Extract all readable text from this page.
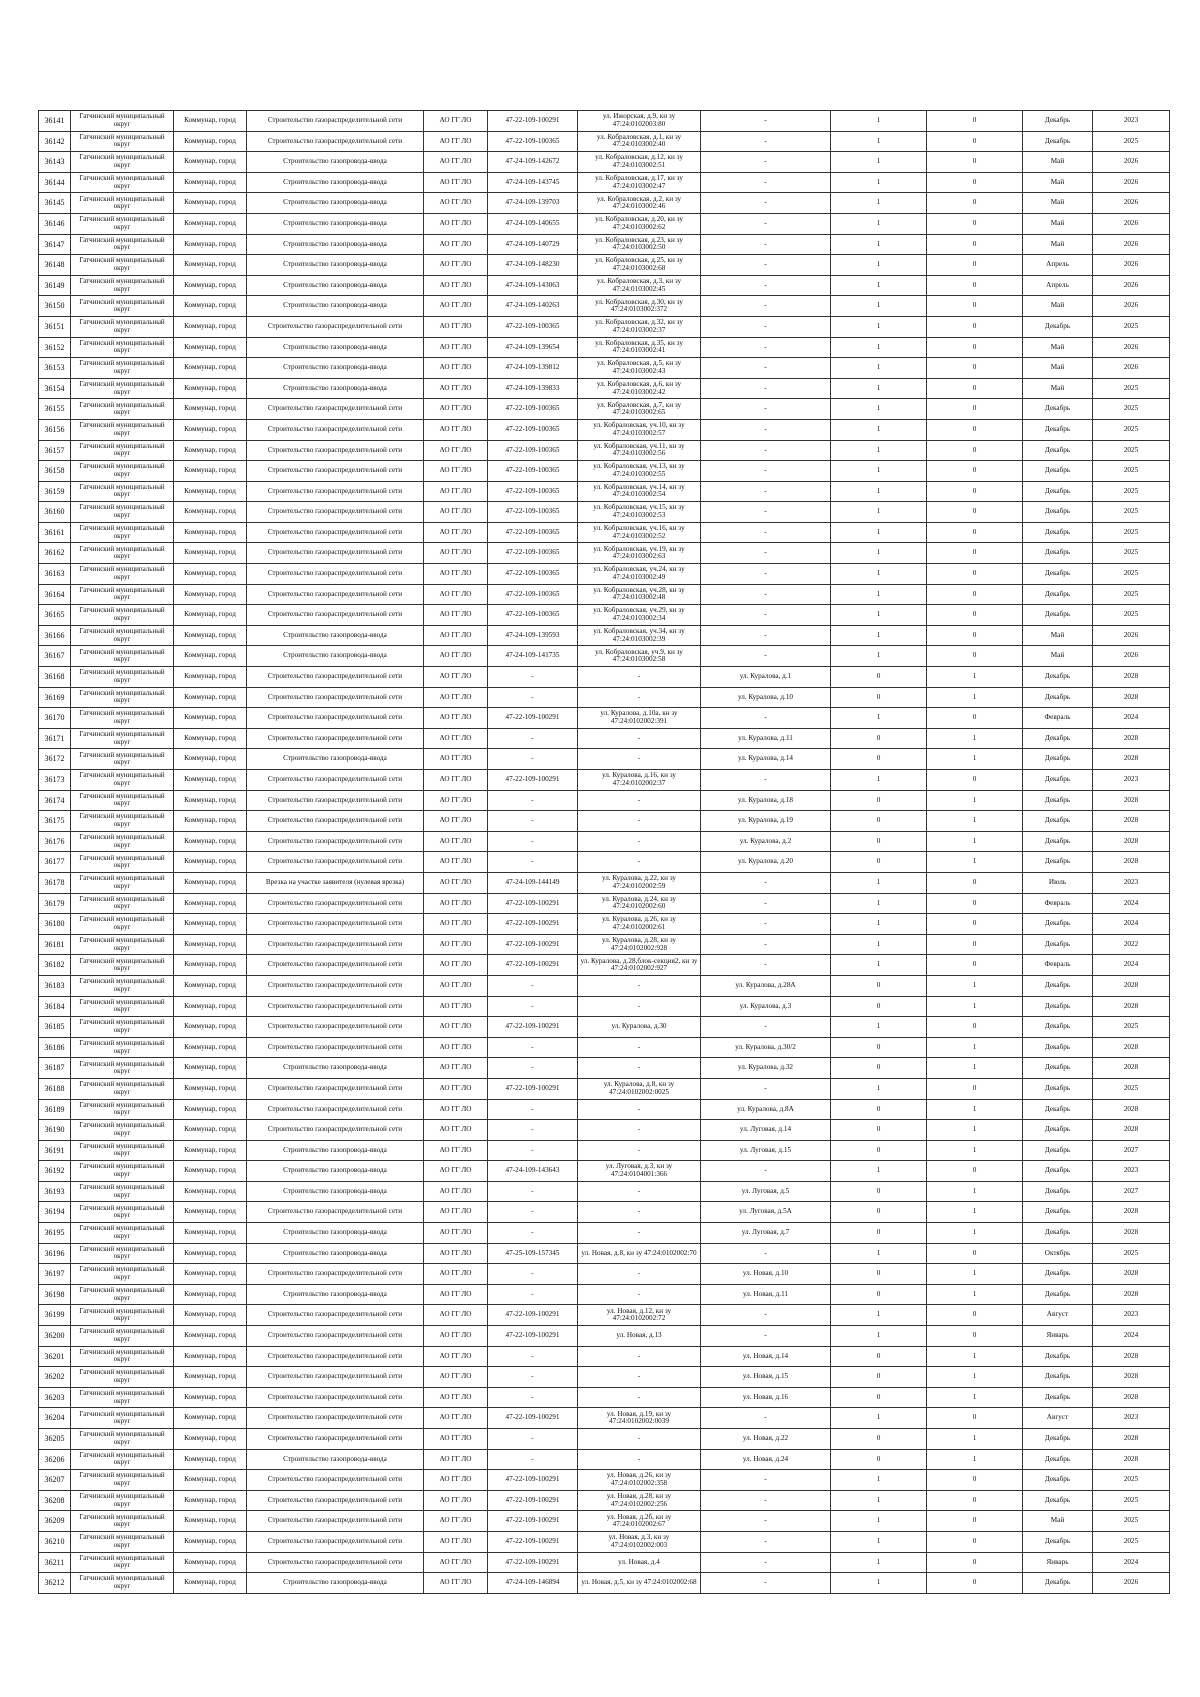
36141	Гатчинский муниципальный округ	Коммунар, город	Строительство газораспределительной сети	АО ГГ ЛО	47-22-109-100291	ул. Ижорская, д.9, кн зу 47:24:0102003:80	-	1	0	Декабрь	2023
36142	Гатчинский муниципальный округ	Коммунар, город	Строительство газораспределительной сети	АО ГГ ЛО	47-22-109-100365	ул. Кобраловская, д.1, кн зу 47:24:0103002:40	-	1	0	Декабрь	2025
36143	Гатчинский муниципальный округ	Коммунар, город	Строительство газопровода-ввода	АО ГГ ЛО	47-24-109-142672	ул. Кобраловская, д.12, кн зу 47:24:0103002:51	-	1	0	Май	2026
36144	Гатчинский муниципальный округ	Коммунар, город	Строительство газопровода-ввода	АО ГГ ЛО	47-24-109-143745	ул. Кобраловская, д.17, кн зу 47:24:0103002:47	-	1	0	Май	2026
36145	Гатчинский муниципальный округ	Коммунар, город	Строительство газопровода-ввода	АО ГГ ЛО	47-24-109-139703	ул. Кобраловская, д.2, кн зу 47:24:0103002:46	-	1	0	Май	2026
36146	Гатчинский муниципальный округ	Коммунар, город	Строительство газопровода-ввода	АО ГГ ЛО	47-24-109-140655	ул. Кобраловская, д.20, кн зу 47:24:0103002:62	-	1	0	Май	2026
36147	Гатчинский муниципальный округ	Коммунар, город	Строительство газопровода-ввода	АО ГГ ЛО	47-24-109-140729	ул. Кобраловская, д.23, кн зу 47:24:0103002:50	-	1	0	Май	2026
36148	Гатчинский муниципальный округ	Коммунар, город	Строительство газопровода-ввода	АО ГГ ЛО	47-24-109-148230	ул. Кобраловская, д.25, кн зу 47:24:0103002:68	-	1	0	Апрель	2026
36149	Гатчинский муниципальный округ	Коммунар, город	Строительство газопровода-ввода	АО ГГ ЛО	47-24-109-143063	ул. Кобраловская, д.3, кн зу 47:24:0103002:45	-	1	0	Апрель	2026
36150	Гатчинский муниципальный округ	Коммунар, город	Строительство газопровода-ввода	АО ГГ ЛО	47-24-109-140263	ул. Кобраловская, д.30, кн зу 47:24:0103002:372	-	1	0	Май	2026
36151	Гатчинский муниципальный округ	Коммунар, город	Строительство газораспределительной сети	АО ГГ ЛО	47-22-109-100365	ул. Кобраловская, д.32, кн зу 47:24:0103002:37	-	1	0	Декабрь	2025
36152	Гатчинский муниципальный округ	Коммунар, город	Строительство газопровода-ввода	АО ГГ ЛО	47-24-109-139654	ул. Кобраловская, д.35, кн зу 47:24:0103002:41	-	1	0	Май	2026
36153	Гатчинский муниципальный округ	Коммунар, город	Строительство газопровода-ввода	АО ГГ ЛО	47-24-109-139812	ул. Кобраловская, д.5, кн зу 47:24:0103002:43	-	1	0	Май	2026
36154	Гатчинский муниципальный округ	Коммунар, город	Строительство газопровода-ввода	АО ГГ ЛО	47-24-109-139833	ул. Кобраловская, д.6, кн зу 47:24:0103002:42	-	1	0	Май	2025
36155	Гатчинский муниципальный округ	Коммунар, город	Строительство газораспределительной сети	АО ГГ ЛО	47-22-109-100365	ул. Кобраловская, д.7, кн зу 47:24:0103002:65	-	1	0	Декабрь	2025
36156	Гатчинский муниципальный округ	Коммунар, город	Строительство газораспределительной сети	АО ГГ ЛО	47-22-109-100365	ул. Кобраловская, уч.10, кн зу 47:24:0103002:57	-	1	0	Декабрь	2025
36157	Гатчинский муниципальный округ	Коммунар, город	Строительство газораспределительной сети	АО ГГ ЛО	47-22-109-100365	ул. Кобраловская, уч.11, кн зу 47:24:0103002:56	-	1	0	Декабрь	2025
36158	Гатчинский муниципальный округ	Коммунар, город	Строительство газораспределительной сети	АО ГГ ЛО	47-22-109-100365	ул. Кобраловская, уч.13, кн зу 47:24:0103002:55	-	1	0	Декабрь	2025
36159	Гатчинский муниципальный округ	Коммунар, город	Строительство газораспределительной сети	АО ГГ ЛО	47-22-109-100365	ул. Кобраловская, уч.14, кн зу 47:24:0103002:54	-	1	0	Декабрь	2025
36160	Гатчинский муниципальный округ	Коммунар, город	Строительство газораспределительной сети	АО ГГ ЛО	47-22-109-100365	ул. Кобраловская, уч.15, кн зу 47:24:0103002:53	-	1	0	Декабрь	2025
36161	Гатчинский муниципальный округ	Коммунар, город	Строительство газораспределительной сети	АО ГГ ЛО	47-22-109-100365	ул. Кобраловская, уч.16, кн зу 47:24:0103002:52	-	1	0	Декабрь	2025
36162	Гатчинский муниципальный округ	Коммунар, город	Строительство газораспределительной сети	АО ГГ ЛО	47-22-109-100365	ул. Кобраловская, уч.19, кн зу 47:24:0103002:63	-	1	0	Декабрь	2025
36163	Гатчинский муниципальный округ	Коммунар, город	Строительство газораспределительной сети	АО ГГ ЛО	47-22-109-100365	ул. Кобраловская, уч.24, кн зу 47:24:0103002:49	-	1	0	Декабрь	2025
36164	Гатчинский муниципальный округ	Коммунар, город	Строительство газораспределительной сети	АО ГГ ЛО	47-22-109-100365	ул. Кобраловская, уч.28, кн зу 47:24:0103002:48	-	1	0	Декабрь	2025
36165	Гатчинский муниципальный округ	Коммунар, город	Строительство газораспределительной сети	АО ГГ ЛО	47-22-109-100365	ул. Кобраловская, уч.29, кн зу 47:24:0103002:34	-	1	0	Декабрь	2025
36166	Гатчинский муниципальный округ	Коммунар, город	Строительство газопровода-ввода	АО ГГ ЛО	47-24-109-139593	ул. Кобраловская, уч.34, кн зу 47:24:0103002:39	-	1	0	Май	2026
36167	Гатчинский муниципальный округ	Коммунар, город	Строительство газопровода-ввода	АО ГГ ЛО	47-24-109-141735	ул. Кобраловская, уч.9, кн зу 47:24:0103002:58	-	1	0	Май	2026
36168	Гатчинский муниципальный округ	Коммунар, город	Строительство газораспределительной сети	АО ГГ ЛО	-	-	ул. Куралова, д.1	0	1	Декабрь	2028
36169	Гатчинский муниципальный округ	Коммунар, город	Строительство газораспределительной сети	АО ГГ ЛО	-	-	ул. Куралова, д.10	0	1	Декабрь	2028
36170	Гатчинский муниципальный округ	Коммунар, город	Строительство газораспределительной сети	АО ГГ ЛО	47-22-109-100291	ул. Куралова, д.10а, кн зу 47:24:0102002:391	-	1	0	Февраль	2024
36171	Гатчинский муниципальный округ	Коммунар, город	Строительство газораспределительной сети	АО ГГ ЛО	-	-	ул. Куралова, д.11	0	1	Декабрь	2028
36172	Гатчинский муниципальный округ	Коммунар, город	Строительство газопровода-ввода	АО ГГ ЛО	-	-	ул. Куралова, д.14	0	1	Декабрь	2028
36173	Гатчинский муниципальный округ	Коммунар, город	Строительство газораспределительной сети	АО ГГ ЛО	47-22-109-100291	ул. Куралова, д.16, кн зу 47:24:0102002:37	-	1	0	Декабрь	2023
36174	Гатчинский муниципальный округ	Коммунар, город	Строительство газораспределительной сети	АО ГГ ЛО	-	-	ул. Куралова, д.18	0	1	Декабрь	2028
36175	Гатчинский муниципальный округ	Коммунар, город	Строительство газораспределительной сети	АО ГГ ЛО	-	-	ул. Куралова, д.19	0	1	Декабрь	2028
36176	Гатчинский муниципальный округ	Коммунар, город	Строительство газораспределительной сети	АО ГГ ЛО	-	-	ул. Куралова, д.2	0	1	Декабрь	2028
36177	Гатчинский муниципальный округ	Коммунар, город	Строительство газораспределительной сети	АО ГГ ЛО	-	-	ул. Куралова, д.20	0	1	Декабрь	2028
36178	Гатчинский муниципальный округ	Коммунар, город	Врезка на участке заявителя (нулевая врезка)	АО ГГ ЛО	47-24-109-144149	ул. Куралова, д.22, кн зу 47:24:0102002:59	-	1	0	Июль	2023
36179	Гатчинский муниципальный округ	Коммунар, город	Строительство газораспределительной сети	АО ГГ ЛО	47-22-109-100291	ул. Куралова, д.24, кн зу 47:24:0102002:60	-	1	0	Февраль	2024
36180	Гатчинский муниципальный округ	Коммунар, город	Строительство газораспределительной сети	АО ГГ ЛО	47-22-109-100291	ул. Куралова, д.26, кн зу 47:24:0102002:61	-	1	0	Декабрь	2024
36181	Гатчинский муниципальный округ	Коммунар, город	Строительство газораспределительной сети	АО ГГ ЛО	47-22-109-100291	ул. Куралова, д.28, кн зу 47:24:0102002:928	-	1	0	Декабрь	2022
36182	Гатчинский муниципальный округ	Коммунар, город	Строительство газораспределительной сети	АО ГГ ЛО	47-22-109-100291	ул. Куралова, д.28,блок-секция2, кн зу 47:24:0102002:927	-	1	0	Февраль	2024
36183	Гатчинский муниципальный округ	Коммунар, город	Строительство газораспределительной сети	АО ГГ ЛО	-	-	ул. Куралова, д.28А	0	1	Декабрь	2028
36184	Гатчинский муниципальный округ	Коммунар, город	Строительство газораспределительной сети	АО ГГ ЛО	-	-	ул. Куралова, д.3	0	1	Декабрь	2028
36185	Гатчинский муниципальный округ	Коммунар, город	Строительство газораспределительной сети	АО ГГ ЛО	47-22-109-100291	ул. Куралова, д.30	-	1	0	Декабрь	2025
36186	Гатчинский муниципальный округ	Коммунар, город	Строительство газораспределительной сети	АО ГГ ЛО	-	-	ул. Куралова, д.30/2	0	1	Декабрь	2028
36187	Гатчинский муниципальный округ	Коммунар, город	Строительство газопровода-ввода	АО ГГ ЛО	-	-	ул. Куралова, д.32	0	1	Декабрь	2028
36188	Гатчинский муниципальный округ	Коммунар, город	Строительство газораспределительной сети	АО ГГ ЛО	47-22-109-100291	ул. Куралова, д.8, кн зу 47:24:0102002:0025	-	1	0	Декабрь	2025
36189	Гатчинский муниципальный округ	Коммунар, город	Строительство газораспределительной сети	АО ГГ ЛО	-	-	ул. Куралова, д.8А	0	1	Декабрь	2028
36190	Гатчинский муниципальный округ	Коммунар, город	Строительство газораспределительной сети	АО ГГ ЛО	-	-	ул. Луговая, д.14	0	1	Декабрь	2028
36191	Гатчинский муниципальный округ	Коммунар, город	Строительство газопровода-ввода	АО ГГ ЛО	-	-	ул. Луговая, д.15	0	1	Декабрь	2027
36192	Гатчинский муниципальный округ	Коммунар, город	Строительство газопровода-ввода	АО ГГ ЛО	47-24-109-143643	ул. Луговая, д.3, кн зу 47:24:0104001:366	-	1	0	Декабрь	2023
36193	Гатчинский муниципальный округ	Коммунар, город	Строительство газопровода-ввода	АО ГГ ЛО	-	-	ул. Луговая, д.5	0	1	Декабрь	2027
36194	Гатчинский муниципальный округ	Коммунар, город	Строительство газораспределительной сети	АО ГГ ЛО	-	-	ул. Луговая, д.5А	0	1	Декабрь	2028
36195	Гатчинский муниципальный округ	Коммунар, город	Строительство газопровода-ввода	АО ГГ ЛО	-	-	ул. Луговая, д.7	0	1	Декабрь	2028
36196	Гатчинский муниципальный округ	Коммунар, город	Строительство газопровода-ввода	АО ГГ ЛО	47-25-109-157345	ул. Новая, д.8, кн зу 47:24:0102002:70	-	1	0	Октябрь	2025
36197	Гатчинский муниципальный округ	Коммунар, город	Строительство газораспределительной сети	АО ГГ ЛО	-	-	ул. Новая, д.10	0	1	Декабрь	2028
36198	Гатчинский муниципальный округ	Коммунар, город	Строительство газопровода-ввода	АО ГГ ЛО	-	-	ул. Новая, д.11	0	1	Декабрь	2028
36199	Гатчинский муниципальный округ	Коммунар, город	Строительство газораспределительной сети	АО ГГ ЛО	47-22-109-100291	ул. Новая, д.12, кн зу 47:24:0102002:72	-	1	0	Август	2023
36200	Гатчинский муниципальный округ	Коммунар, город	Строительство газораспределительной сети	АО ГГ ЛО	47-22-109-100291	ул. Новая, д.13	-	1	0	Январь	2024
36201	Гатчинский муниципальный округ	Коммунар, город	Строительство газораспределительной сети	АО ГГ ЛО	-	-	ул. Новая, д.14	0	1	Декабрь	2028
36202	Гатчинский муниципальный округ	Коммунар, город	Строительство газораспределительной сети	АО ГГ ЛО	-	-	ул. Новая, д.15	0	1	Декабрь	2028
36203	Гатчинский муниципальный округ	Коммунар, город	Строительство газораспределительной сети	АО ГГ ЛО	-	-	ул. Новая, д.16	0	1	Декабрь	2028
36204	Гатчинский муниципальный округ	Коммунар, город	Строительство газораспределительной сети	АО ГГ ЛО	47-22-109-100291	ул. Новая, д.19, кн зу 47:24:0102002:0039	-	1	0	Август	2023
36205	Гатчинский муниципальный округ	Коммунар, город	Строительство газораспределительной сети	АО ГГ ЛО	-	-	ул. Новая, д.22	0	1	Декабрь	2028
36206	Гатчинский муниципальный округ	Коммунар, город	Строительство газопровода-ввода	АО ГГ ЛО	-	-	ул. Новая, д.24	0	1	Декабрь	2028
36207	Гатчинский муниципальный округ	Коммунар, город	Строительство газораспределительной сети	АО ГГ ЛО	47-22-109-100291	ул. Новая, д.26, кн зу 47:24:0102002:358	-	1	0	Декабрь	2025
36208	Гатчинский муниципальный округ	Коммунар, город	Строительство газораспределительной сети	АО ГГ ЛО	47-22-109-100291	ул. Новая, д.28, кн зу 47:24:0102002:256	-	1	0	Декабрь	2025
36209	Гатчинский муниципальный округ	Коммунар, город	Строительство газораспределительной сети	АО ГГ ЛО	47-22-109-100291	ул. Новая, д.2б, кн зу 47:24:0102002:67	-	1	0	Май	2025
36210	Гатчинский муниципальный округ	Коммунар, город	Строительство газораспределительной сети	АО ГГ ЛО	47-22-109-100291	ул. Новая, д.3, кн зу 47:24:0102002:003	-	1	0	Декабрь	2025
36211	Гатчинский муниципальный округ	Коммунар, город	Строительство газораспределительной сети	АО ГГ ЛО	47-22-109-100291	ул. Новая, д.4	-	1	0	Январь	2024
36212	Гатчинский муниципальный округ	Коммунар, город	Строительство газопровода-ввода	АО ГГ ЛО	47-24-109-146894	ул. Новая, д.5, кн зу 47:24:0102002:68	-	1	0	Декабрь	2026
